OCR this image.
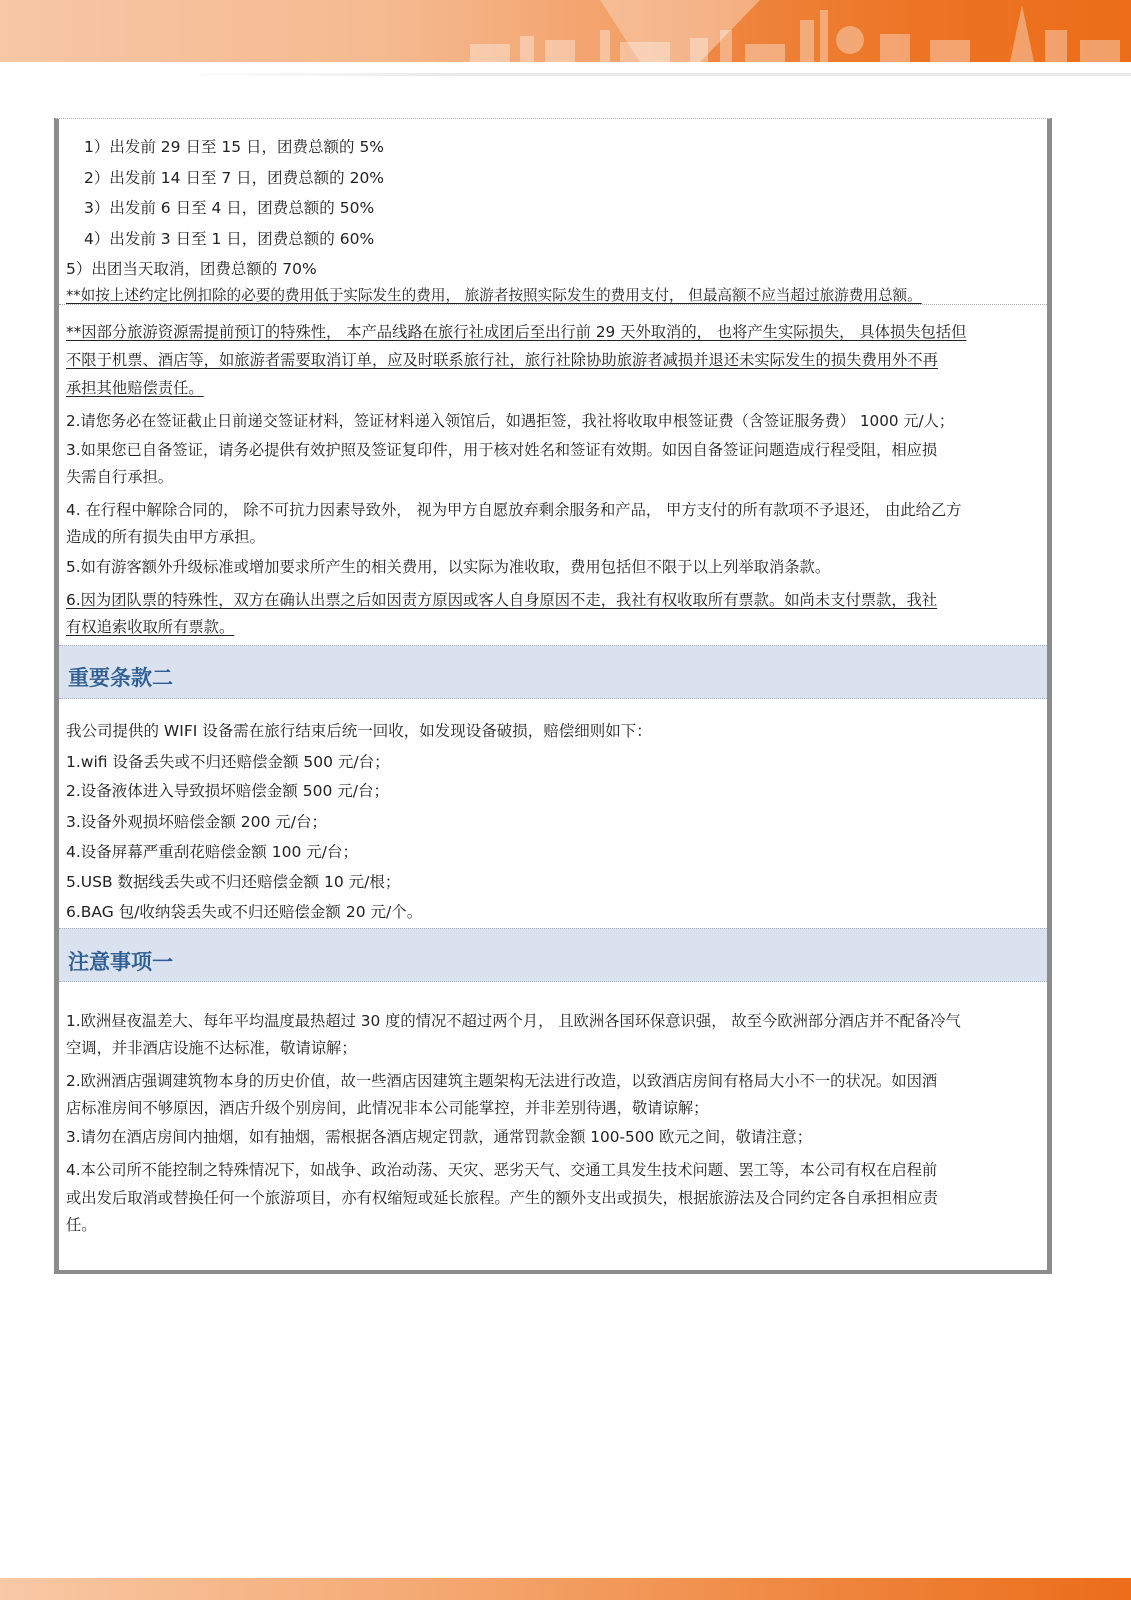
1）出发前 29 日至 15 日，团费总额的 5%
2）出发前 14 日至 7 日，团费总额的 20%
3）出发前 6 日至 4 日，团费总额的 50%
4）出发前 3 日至 1 日，团费总额的 60%
5）出团当天取消，团费总额的 70%
**如按上述约定比例扣除的必要的费用低于实际发生的费用， 旅游者按照实际发生的费用支付， 但最高额不应当超过旅游费用总额。
**因部分旅游资源需提前预订的特殊性， 本产品线路在旅行社成团后至出行前 29 天外取消的， 也将产生实际损失， 具体损失包括但
不限于机票、酒店等，如旅游者需要取消订单，应及时联系旅行社，旅行社除协助旅游者减损并退还未实际发生的损失费用外不再
承担其他赔偿责任。
2.请您务必在签证截止日前递交签证材料，签证材料递入领馆后，如遇拒签，我社将收取申根签证费（含签证服务费） 1000 元/人；
3.如果您已自备签证，请务必提供有效护照及签证复印件，用于核对姓名和签证有效期。如因自备签证问题造成行程受阻，相应损
失需自行承担。
4. 在行程中解除合同的， 除不可抗力因素导致外， 视为甲方自愿放弃剩余服务和产品， 甲方支付的所有款项不予退还， 由此给乙方
造成的所有损失由甲方承担。
5.如有游客额外升级标准或增加要求所产生的相关费用，以实际为准收取，费用包括但不限于以上列举取消条款。
6.因为团队票的特殊性，双方在确认出票之后如因责方原因或客人自身原因不走，我社有权收取所有票款。如尚未支付票款，我社
有权追索收取所有票款。
重要条款二
我公司提供的 WIFI 设备需在旅行结束后统一回收，如发现设备破损，赔偿细则如下：
1.wifi 设备丢失或不归还赔偿金额 500 元/台；
2.设备液体进入导致损坏赔偿金额 500 元/台；
3.设备外观损坏赔偿金额 200 元/台；
4.设备屏幕严重刮花赔偿金额 100 元/台；
5.USB 数据线丢失或不归还赔偿金额 10 元/根；
6.BAG 包/收纳袋丢失或不归还赔偿金额 20 元/个。
注意事项一
1.欧洲昼夜温差大、每年平均温度最热超过 30 度的情况不超过两个月， 且欧洲各国环保意识强， 故至今欧洲部分酒店并不配备冷气
空调，并非酒店设施不达标准，敬请谅解；
2.欧洲酒店强调建筑物本身的历史价值，故一些酒店因建筑主题架构无法进行改造，以致酒店房间有格局大小不一的状况。如因酒
店标准房间不够原因，酒店升级个别房间，此情况非本公司能掌控，并非差别待遇，敬请谅解；
3.请勿在酒店房间内抽烟，如有抽烟，需根据各酒店规定罚款，通常罚款金额 100-500 欧元之间，敬请注意；
4.本公司所不能控制之特殊情况下，如战争、政治动荡、天灾、恶劣天气、交通工具发生技术问题、罢工等，本公司有权在启程前
或出发后取消或替换任何一个旅游项目，亦有权缩短或延长旅程。产生的额外支出或损失，根据旅游法及合同约定各自承担相应责
任。
